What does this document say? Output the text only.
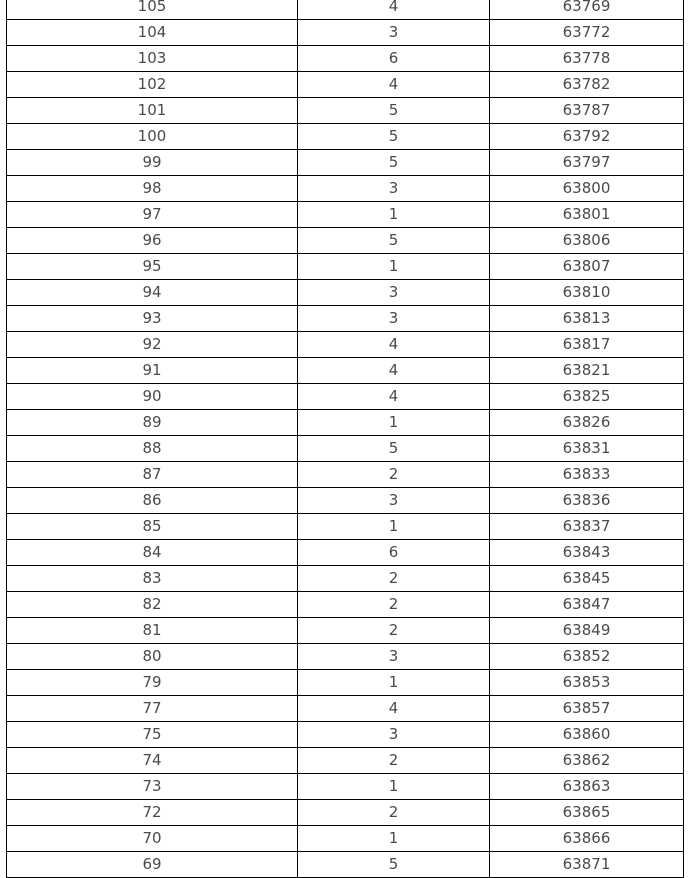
105	4	63769
104	3	63772
103	6	63778
102	4	63782
101	5	63787
100	5	63792
99	5	63797
98	3	63800
97	1	63801
96	5	63806
95	1	63807
94	3	63810
93	3	63813
92	4	63817
91	4	63821
90	4	63825
89	1	63826
88	5	63831
87	2	63833
86	3	63836
85	1	63837
84	6	63843
83	2	63845
82	2	63847
81	2	63849
80	3	63852
79	1	63853
77	4	63857
75	3	63860
74	2	63862
73	1	63863
72	2	63865
70	1	63866
69	5	63871
